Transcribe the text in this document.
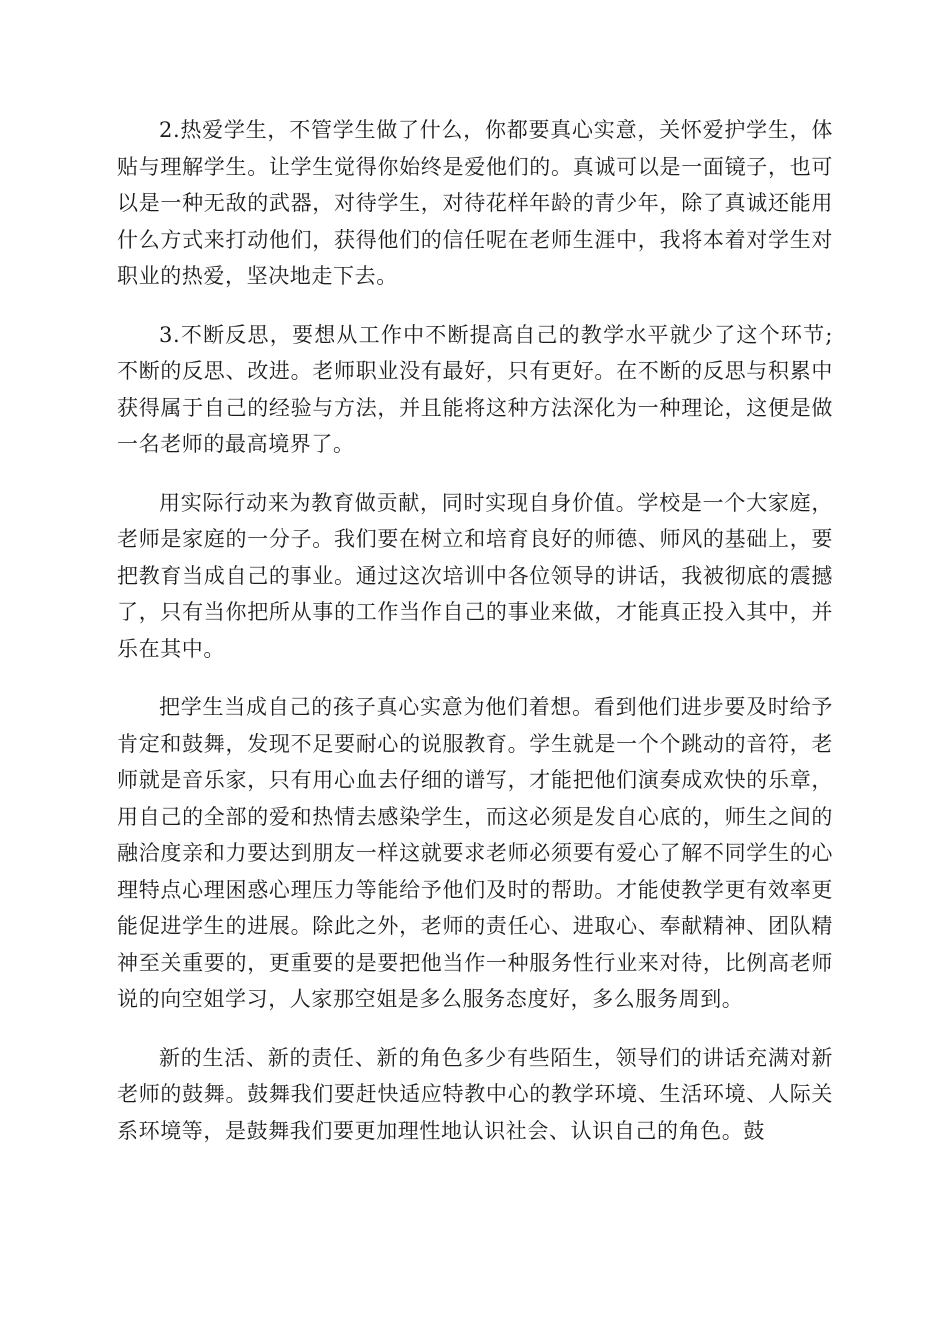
2.热爱学生，不管学生做了什么，你都要真心实意，关怀爱护学生，体贴与理解学生。让学生觉得你始终是爱他们的。真诚可以是一面镜子，也可以是一种无敌的武器，对待学生，对待花样年龄的青少年，除了真诚还能用什么方式来打动他们，获得他们的信任呢在老师生涯中，我将本着对学生对职业的热爱，坚决地走下去。

3.不断反思，要想从工作中不断提高自己的教学水平就少了这个环节;不断的反思、改进。老师职业没有最好，只有更好。在不断的反思与积累中获得属于自己的经验与方法，并且能将这种方法深化为一种理论，这便是做一名老师的最高境界了。

用实际行动来为教育做贡献，同时实现自身价值。学校是一个大家庭，老师是家庭的一分子。我们要在树立和培育良好的师德、师风的基础上，要把教育当成自己的事业。通过这次培训中各位领导的讲话，我被彻底的震撼了，只有当你把所从事的工作当作自己的事业来做，才能真正投入其中，并乐在其中。

把学生当成自己的孩子真心实意为他们着想。看到他们进步要及时给予肯定和鼓舞，发现不足要耐心的说服教育。学生就是一个个跳动的音符，老师就是音乐家，只有用心血去仔细的谱写，才能把他们演奏成欢快的乐章，用自己的全部的爱和热情去感染学生，而这必须是发自心底的，师生之间的融洽度亲和力要达到朋友一样这就要求老师必须要有爱心了解不同学生的心理特点心理困惑心理压力等能给予他们及时的帮助。才能使教学更有效率更能促进学生的进展。除此之外，老师的责任心、进取心、奉献精神、团队精神至关重要的，更重要的是要把他当作一种服务性行业来对待，比例高老师说的向空姐学习，人家那空姐是多么服务态度好，多么服务周到。

新的生活、新的责任、新的角色多少有些陌生，领导们的讲话充满对新老师的鼓舞。鼓舞我们要赶快适应特教中心的教学环境、生活环境、人际关系环境等，是鼓舞我们要更加理性地认识社会、认识自己的角色。鼓
